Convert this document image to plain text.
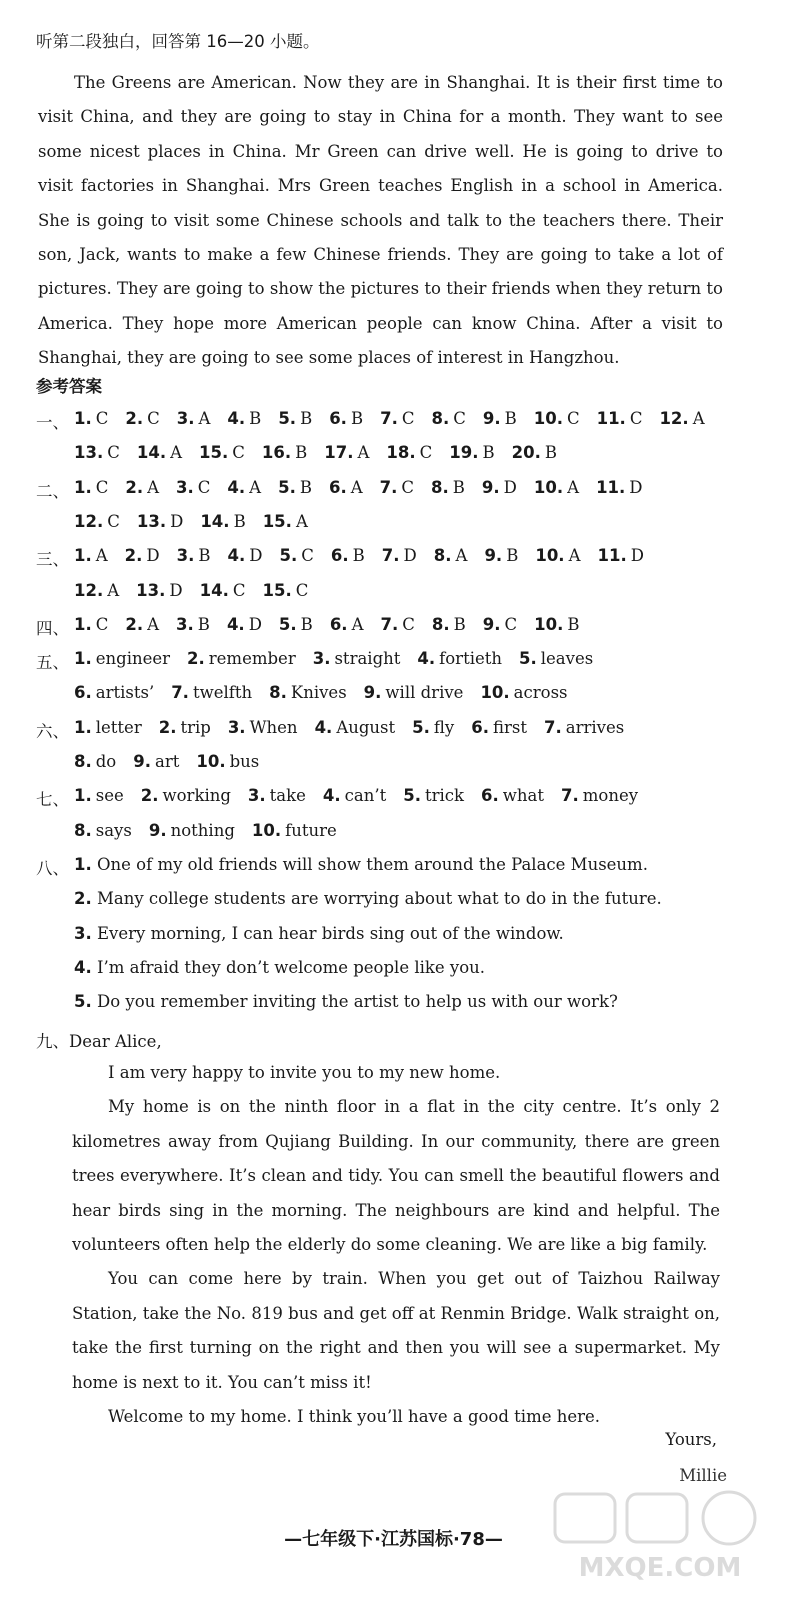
听第二段独白，回答第 16—20 小题。

The Greens are American. Now they are in Shanghai. It is their first time to visit China, and they are going to stay in China for a month. They want to see some nicest places in China. Mr Green can drive well. He is going to drive to visit factories in Shanghai. Mrs Green teaches English in a school in America. She is going to visit some Chinese schools and talk to the teachers there. Their son, Jack, wants to make a few Chinese friends. They are going to take a lot of pictures. They are going to show the pictures to their friends when they return to America. They hope more American people can know China. After a visit to Shanghai, they are going to see some places of interest in Hangzhou.

参考答案
一、 1. C 2. C 3. A 4. B 5. B 6. B 7. C 8. C 9. B 10. C 11. C 12. A
13. C 14. A 15. C 16. B 17. A 18. C 19. B 20. B
二、 1. C 2. A 3. C 4. A 5. B 6. A 7. C 8. B 9. D 10. A 11. D
12. C 13. D 14. B 15. A
三、 1. A 2. D 3. B 4. D 5. C 6. B 7. D 8. A 9. B 10. A 11. D
12. A 13. D 14. C 15. C
四、 1. C 2. A 3. B 4. D 5. B 6. A 7. C 8. B 9. C 10. B
五、 1. engineer 2. remember 3. straight 4. fortieth 5. leaves
6. artists’ 7. twelfth 8. Knives 9. will drive 10. across
六、 1. letter 2. trip 3. When 4. August 5. fly 6. first 7. arrives
8. do 9. art 10. bus
七、 1. see 2. working 3. take 4. can’t 5. trick 6. what 7. money
8. says 9. nothing 10. future
八、 1. One of my old friends will show them around the Palace Museum.
2. Many college students are worrying about what to do in the future.
3. Every morning, I can hear birds sing out of the window.
4. I’m afraid they don’t welcome people like you.
5. Do you remember inviting the artist to help us with our work?
九、Dear Alice,

I am very happy to invite you to my new home.

My home is on the ninth floor in a flat in the city centre. It’s only 2 kilometres away from Qujiang Building. In our community, there are green trees everywhere. It’s clean and tidy. You can smell the beautiful flowers and hear birds sing in the morning. The neighbours are kind and helpful. The volunteers often help the elderly do some cleaning. We are like a big family.

You can come here by train. When you get out of Taizhou Railway Station, take the No. 819 bus and get off at Renmin Bridge. Walk straight on, take the first turning on the right and then you will see a supermarket. My home is next to it. You can’t miss it!

Welcome to my home. I think you’ll have a good time here.

Yours,
Millie
—七年级下·江苏国标·78—
MXQE.COM
